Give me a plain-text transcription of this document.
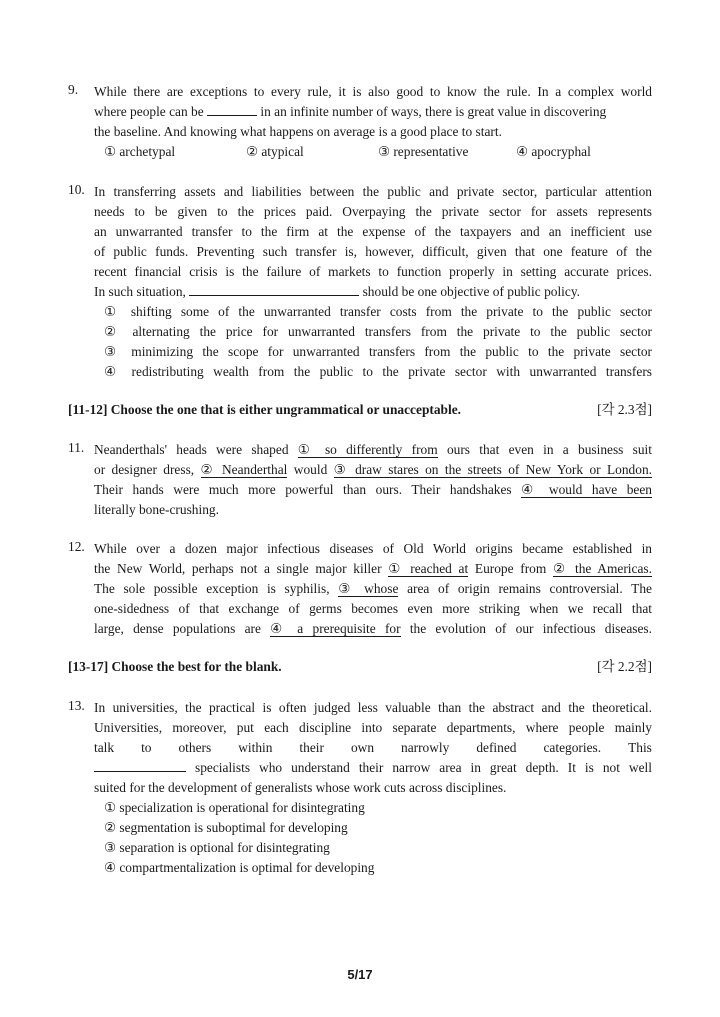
9. While there are exceptions to every rule, it is also good to know the rule. In a complex world
where people can be	in an infinite number of ways, there is great value in discovering
the baseline. And knowing what happens on average is a good place to start.
① archetypal	② atypical	③ representative	④ apocryphal
10. In transferring assets and liabilities between the public and private sector, particular attention
needs to be given to the prices paid. Overpaying the private sector for assets represents
an unwarranted transfer to the firm at the expense of the taxpayers and an inefficient use
of public funds. Preventing such transfer is, however, difficult, given that one feature of the
recent financial crisis is the failure of markets to function properly in setting accurate prices.
In such situation,	should be one objective of public policy.
① shifting some of the unwarranted transfer costs from the private to the public sector
② alternating the price for unwarranted transfers from the private to the public sector
③ minimizing the scope for unwarranted transfers from the public to the private sector
④ redistributing wealth from the public to the private sector with unwarranted transfers
[11-12] Choose the one that is either ungrammatical or unacceptable.	[각 2.3점]
11. Neanderthals' heads were shaped ① so differently from ours that even in a business suit
or designer dress, ② Neanderthal would ③ draw stares on the streets of New York or London.
Their hands were much more powerful than ours. Their handshakes ④ would have been
literally bone-crushing.
12. While over a dozen major infectious diseases of Old World origins became established in
the New World, perhaps not a single major killer ① reached at Europe from ② the Americas.
The sole possible exception is syphilis, ③ whose area of origin remains controversial. The
one-sidedness of that exchange of germs becomes even more striking when we recall that
large, dense populations are ④ a prerequisite for the evolution of our infectious diseases.
[13-17] Choose the best for the blank.	[각 2.2점]
13. In universities, the practical is often judged less valuable than the abstract and the theoretical.
Universities, moreover, put each discipline into separate departments, where people mainly
talk to others within their own narrowly defined categories. This
specialists who understand their narrow area in great depth. It is not well
suited for the development of generalists whose work cuts across disciplines.
① specialization is operational for disintegrating
② segmentation is suboptimal for developing
③ separation is optional for disintegrating
④ compartmentalization is optimal for developing
5/17
